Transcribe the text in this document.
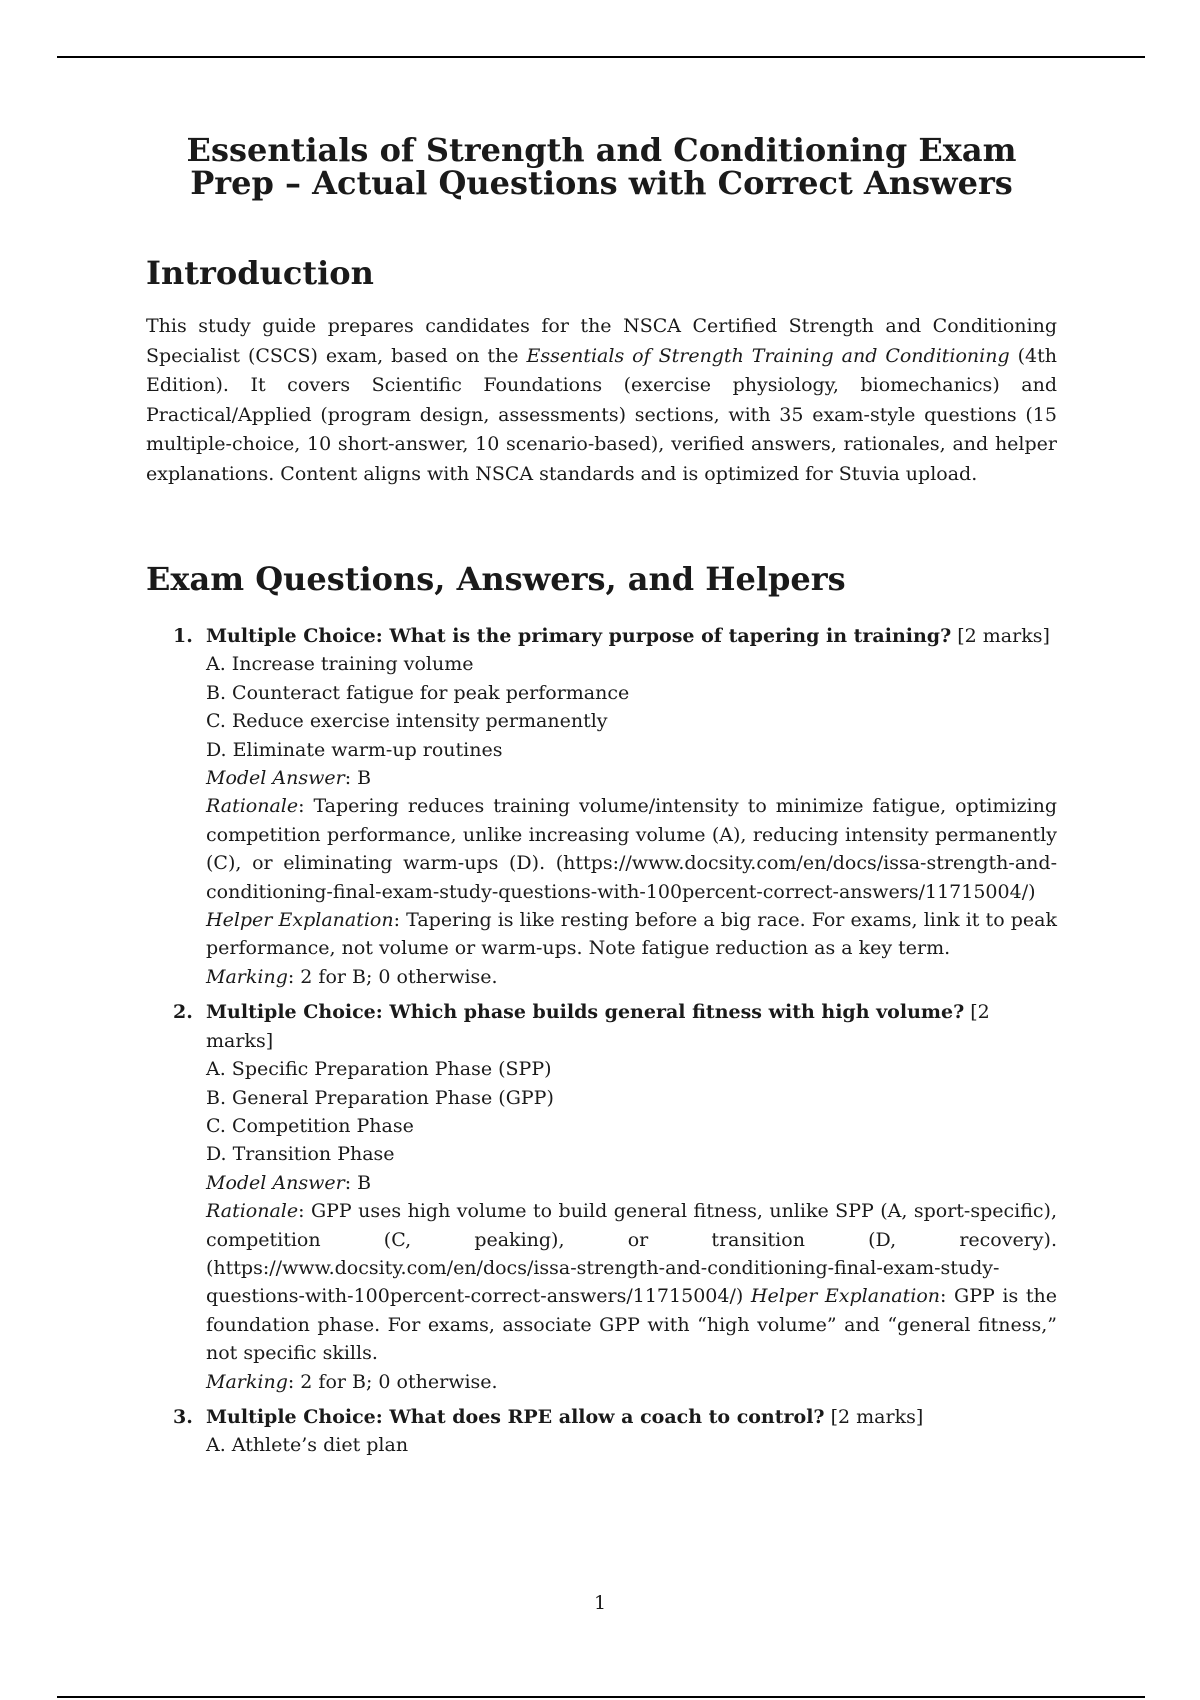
Essentials of Strength and Conditioning Exam Prep – Actual Questions with Correct Answers
Introduction

This study guide prepares candidates for the NSCA Certified Strength and Conditioning Specialist (CSCS) exam, based on the Essentials of Strength Training and Conditioning (4th Edition). It covers Scientific Foundations (exercise physiology, biomechanics) and Practical/Applied (program design, assessments) sections, with 35 exam-style questions (15 multiple-choice, 10 short-answer, 10 scenario-based), verified answers, rationales, and helper explanations. Content aligns with NSCA standards and is optimized for Stuvia upload.

Exam Questions, Answers, and Helpers
1. Multiple Choice: What is the primary purpose of tapering in training? [2 marks]
A. Increase training volume
B. Counteract fatigue for peak performance
C. Reduce exercise intensity permanently
D. Eliminate warm-up routines
Model Answer: B
Rationale: Tapering reduces training volume/intensity to minimize fatigue, optimizing competition performance, unlike increasing volume (A), reducing intensity permanently (C), or eliminating warm-ups (D). (https://www.docsity.com/en/docs/issa-strength-and-conditioning-final-exam-study-questions-with-100percent-correct-answers/11715004/) Helper Explanation: Tapering is like resting before a big race. For exams, link it to peak performance, not volume or warm-ups. Note fatigue reduction as a key term.
Marking: 2 for B; 0 otherwise.
2. Multiple Choice: Which phase builds general fitness with high volume? [2 marks]
A. Specific Preparation Phase (SPP)
B. General Preparation Phase (GPP)
C. Competition Phase
D. Transition Phase
Model Answer: B
Rationale: GPP uses high volume to build general fitness, unlike SPP (A, sport-specific), competition (C, peaking), or transition (D, recovery). (https://www.docsity.com/en/docs/issa-strength-and-conditioning-final-exam-study-questions-with-100percent-correct-answers/11715004/) Helper Explanation: GPP is the foundation phase. For exams, associate GPP with “high volume” and “general fitness,” not specific skills.
Marking: 2 for B; 0 otherwise.
3. Multiple Choice: What does RPE allow a coach to control? [2 marks]
A. Athlete’s diet plan
1
